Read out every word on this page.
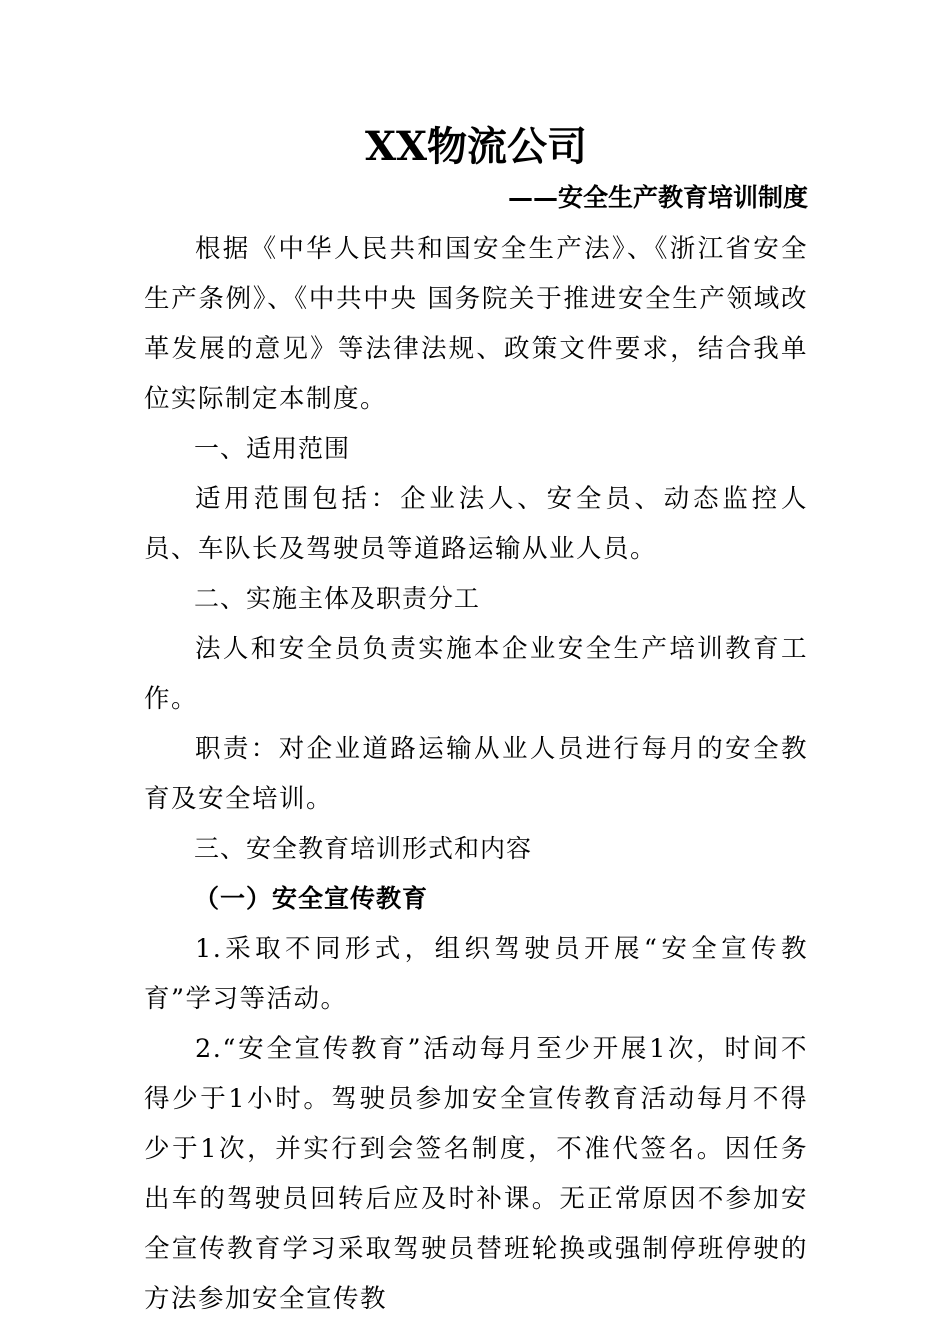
XX物流公司
——安全生产教育培训制度

根据《中华人民共和国安全生产法》、《浙江省安全生产条例》、《中共中央 国务院关于推进安全生产领域改革发展的意见》等法律法规、政策文件要求，结合我单位实际制定本制度。

一、适用范围

适用范围包括：企业法人、安全员、动态监控人员、车队长及驾驶员等道路运输从业人员。

二、实施主体及职责分工

法人和安全员负责实施本企业安全生产培训教育工作。

职责：对企业道路运输从业人员进行每月的安全教育及安全培训。

三、安全教育培训形式和内容
（一）安全宣传教育

1.采取不同形式，组织驾驶员开展“安全宣传教育”学习等活动。

2.“安全宣传教育”活动每月至少开展1次，时间不得少于1小时。驾驶员参加安全宣传教育活动每月不得少于1次，并实行到会签名制度，不准代签名。因任务出车的驾驶员回转后应及时补课。无正常原因不参加安全宣传教育学习采取驾驶员替班轮换或强制停班停驶的方法参加安全宣传教
